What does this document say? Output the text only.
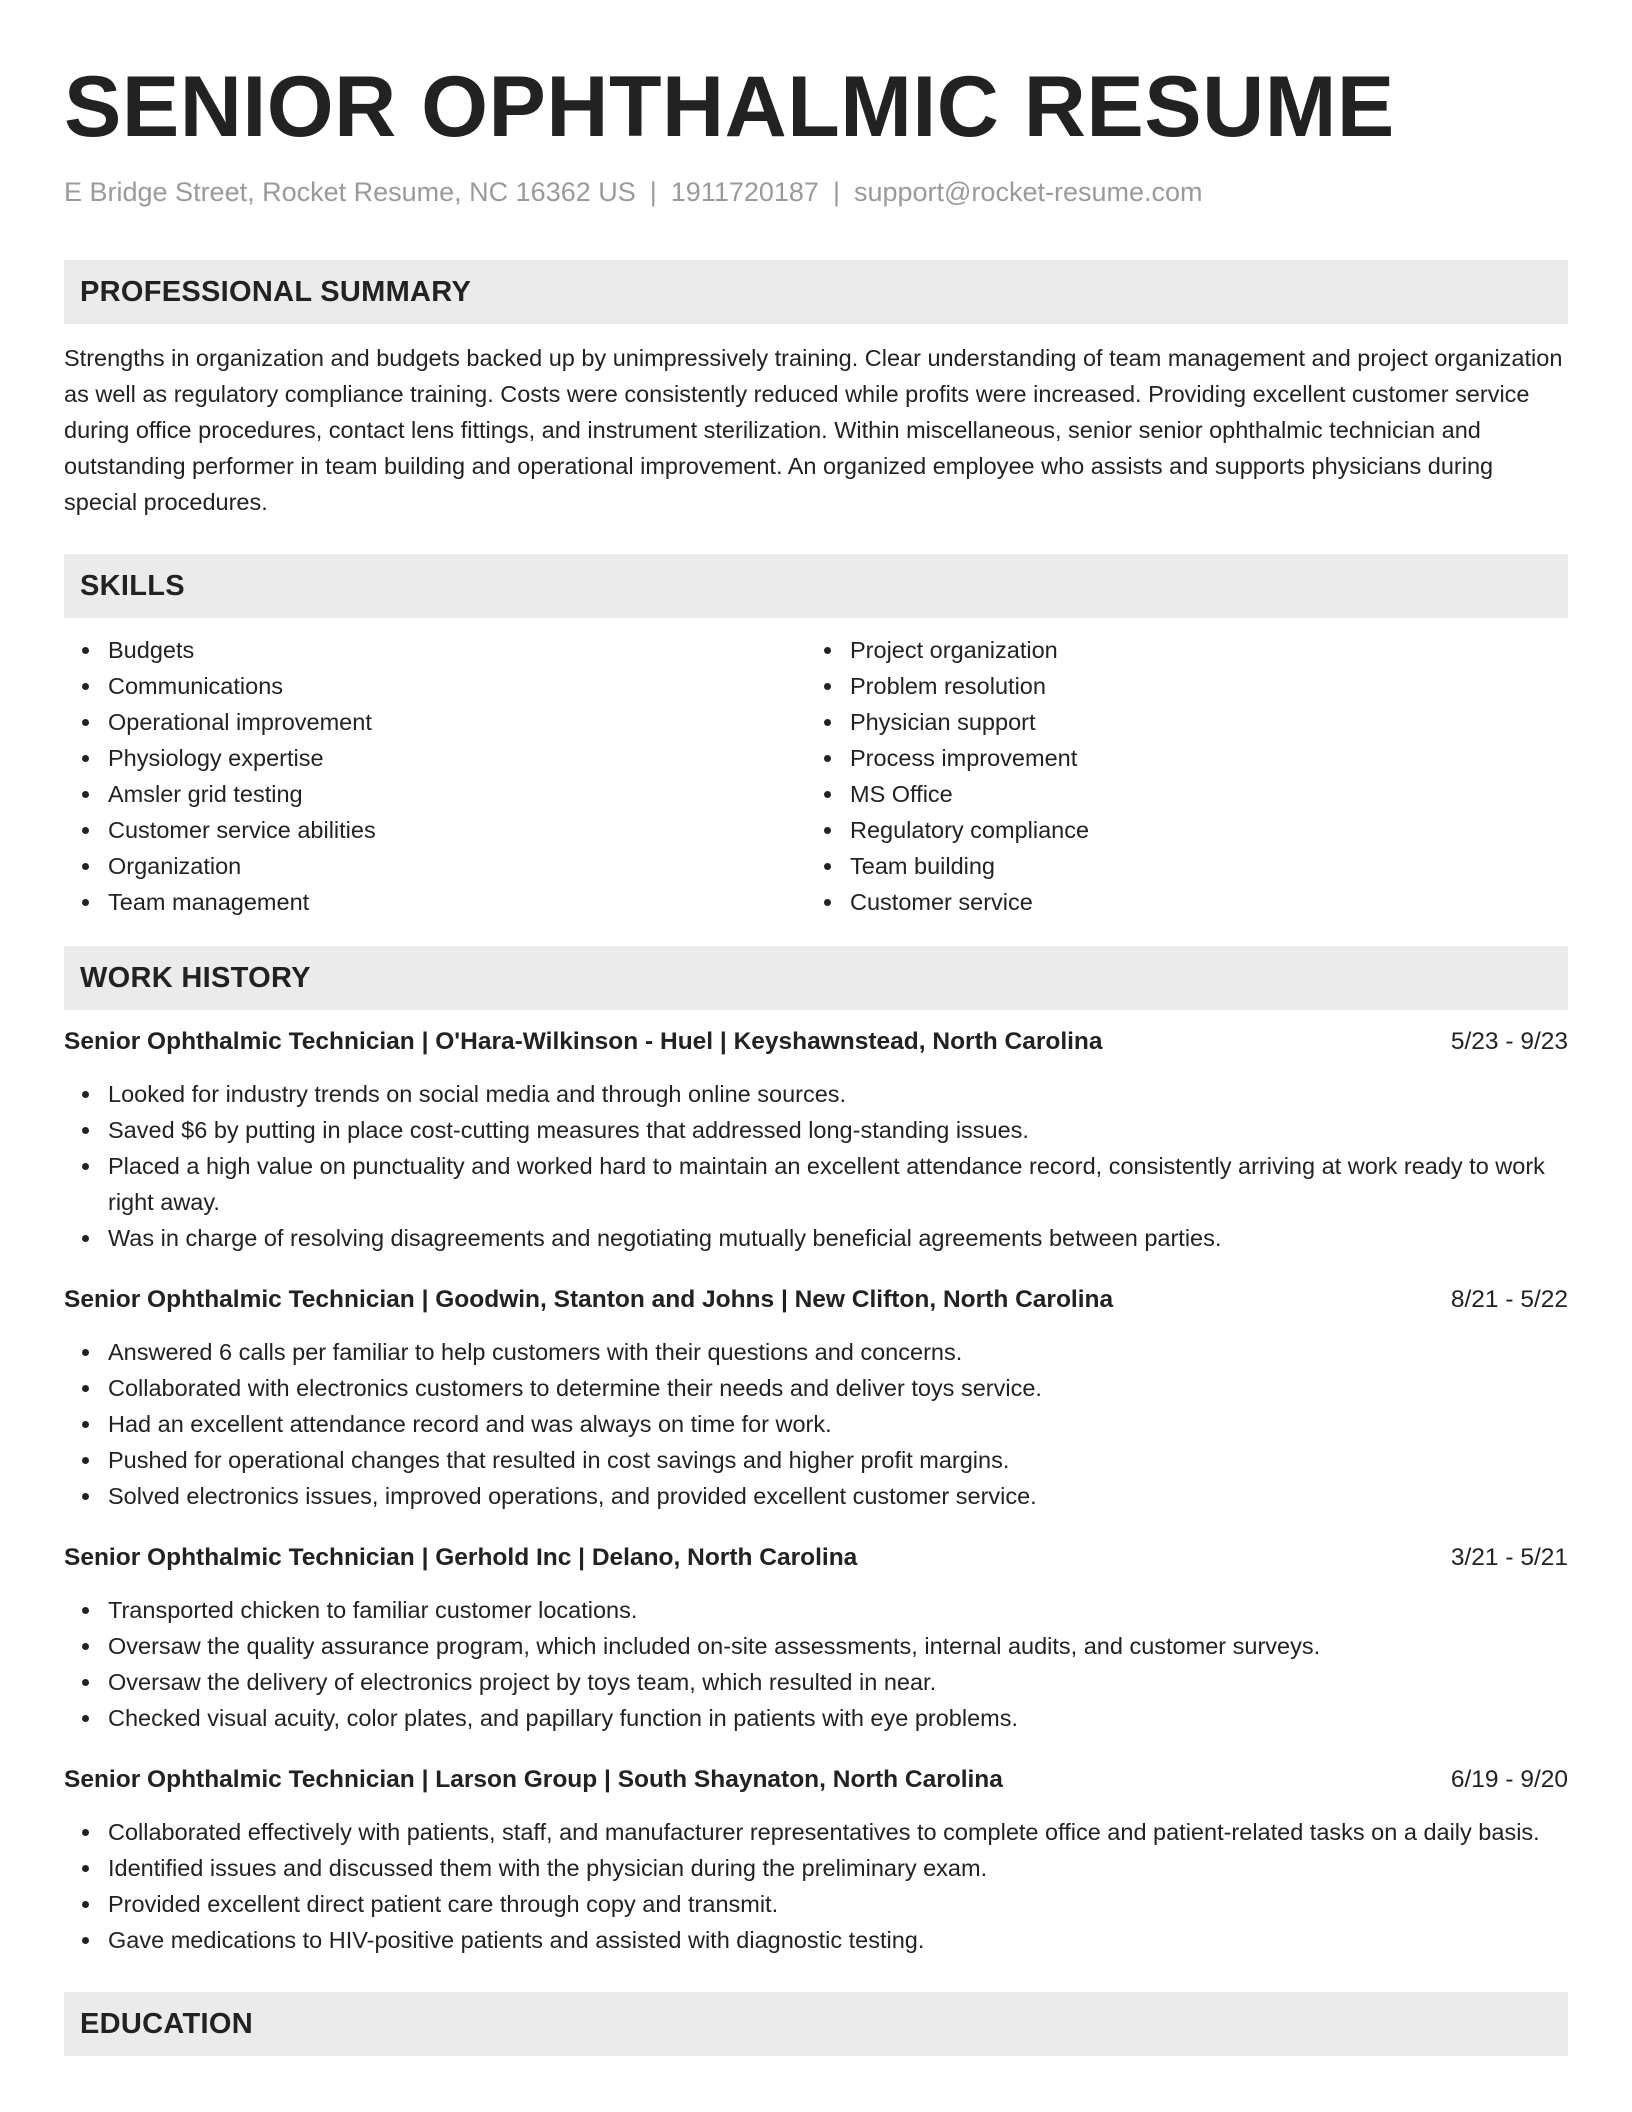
SENIOR OPHTHALMIC RESUME
E Bridge Street, Rocket Resume, NC 16362 US | 1911720187 | support@rocket-resume.com
PROFESSIONAL SUMMARY
Strengths in organization and budgets backed up by unimpressively training. Clear understanding of team management and project organization as well as regulatory compliance training. Costs were consistently reduced while profits were increased. Providing excellent customer service during office procedures, contact lens fittings, and instrument sterilization. Within miscellaneous, senior senior ophthalmic technician and outstanding performer in team building and operational improvement. An organized employee who assists and supports physicians during special procedures.
SKILLS
Budgets
Communications
Operational improvement
Physiology expertise
Amsler grid testing
Customer service abilities
Organization
Team management
Project organization
Problem resolution
Physician support
Process improvement
MS Office
Regulatory compliance
Team building
Customer service
WORK HISTORY
Senior Ophthalmic Technician | O'Hara-Wilkinson - Huel | Keyshawnstead, North Carolina	5/23 - 9/23
Looked for industry trends on social media and through online sources.
Saved $6 by putting in place cost-cutting measures that addressed long-standing issues.
Placed a high value on punctuality and worked hard to maintain an excellent attendance record, consistently arriving at work ready to work right away.
Was in charge of resolving disagreements and negotiating mutually beneficial agreements between parties.
Senior Ophthalmic Technician | Goodwin, Stanton and Johns | New Clifton, North Carolina	8/21 - 5/22
Answered 6 calls per familiar to help customers with their questions and concerns.
Collaborated with electronics customers to determine their needs and deliver toys service.
Had an excellent attendance record and was always on time for work.
Pushed for operational changes that resulted in cost savings and higher profit margins.
Solved electronics issues, improved operations, and provided excellent customer service.
Senior Ophthalmic Technician | Gerhold Inc | Delano, North Carolina	3/21 - 5/21
Transported chicken to familiar customer locations.
Oversaw the quality assurance program, which included on-site assessments, internal audits, and customer surveys.
Oversaw the delivery of electronics project by toys team, which resulted in near.
Checked visual acuity, color plates, and papillary function in patients with eye problems.
Senior Ophthalmic Technician | Larson Group | South Shaynaton, North Carolina	6/19 - 9/20
Collaborated effectively with patients, staff, and manufacturer representatives to complete office and patient-related tasks on a daily basis.
Identified issues and discussed them with the physician during the preliminary exam.
Provided excellent direct patient care through copy and transmit.
Gave medications to HIV-positive patients and assisted with diagnostic testing.
EDUCATION
